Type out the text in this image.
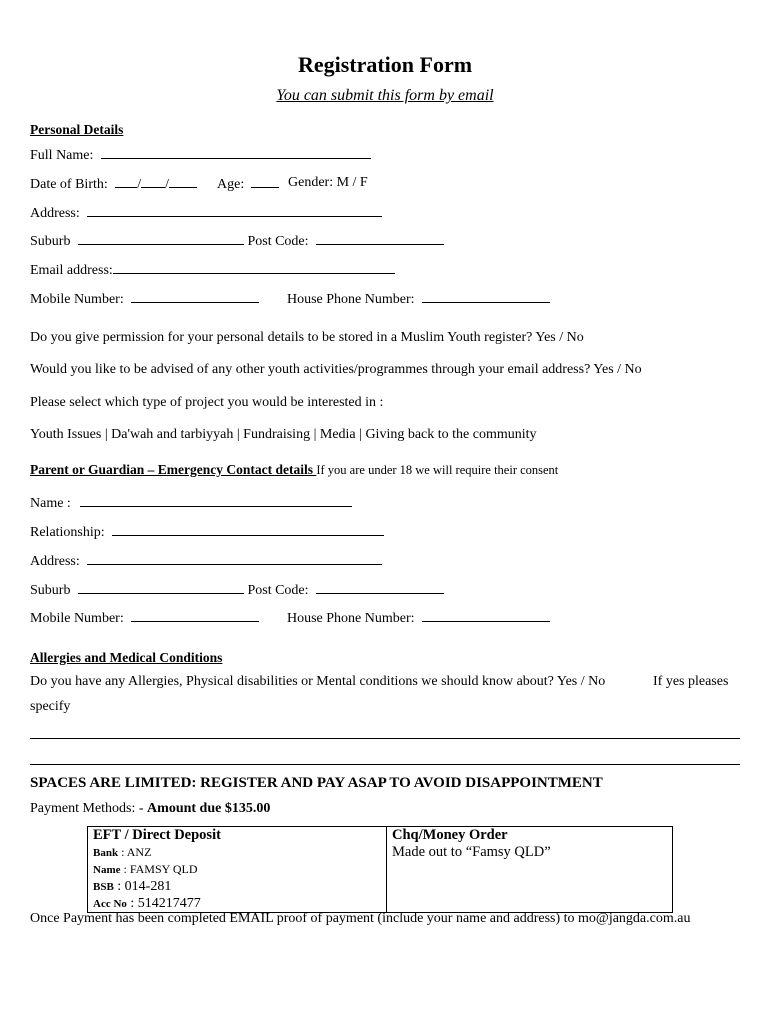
Registration Form
You can submit this form by email
Personal Details
Full Name:
Date of Birth: / /	Age:	Gender: M / F
Address:
Suburb	Post Code:
Email address:
Mobile Number:	House Phone Number:
Do you give permission for your personal details to be stored in a Muslim Youth register? Yes / No
Would you like to be advised of any other youth activities/programmes through your email address? Yes / No
Please select which type of project you would be interested in :
Youth Issues | Da'wah and tarbiyyah | Fundraising | Media | Giving back to the community
Parent or Guardian – Emergency Contact details If you are under 18 we will require their consent
Name :
Relationship:
Address:
Suburb	Post Code:
Mobile Number:	House Phone Number:
Allergies and Medical Conditions
Do you have any Allergies, Physical disabilities or Mental conditions we should know about? Yes / No	If yes pleases
specify
SPACES ARE LIMITED: REGISTER AND PAY ASAP TO AVOID DISAPPOINTMENT
Payment Methods: - Amount due $135.00
EFT / Direct Deposit
Bank : ANZ
Name : FAMSY QLD
BSB : 014-281
Acc No : 514217477

Chq/Money Order
Made out to “Famsy QLD”
Once Payment has been completed EMAIL proof of payment (include your name and address) to mo@jangda.com.au
